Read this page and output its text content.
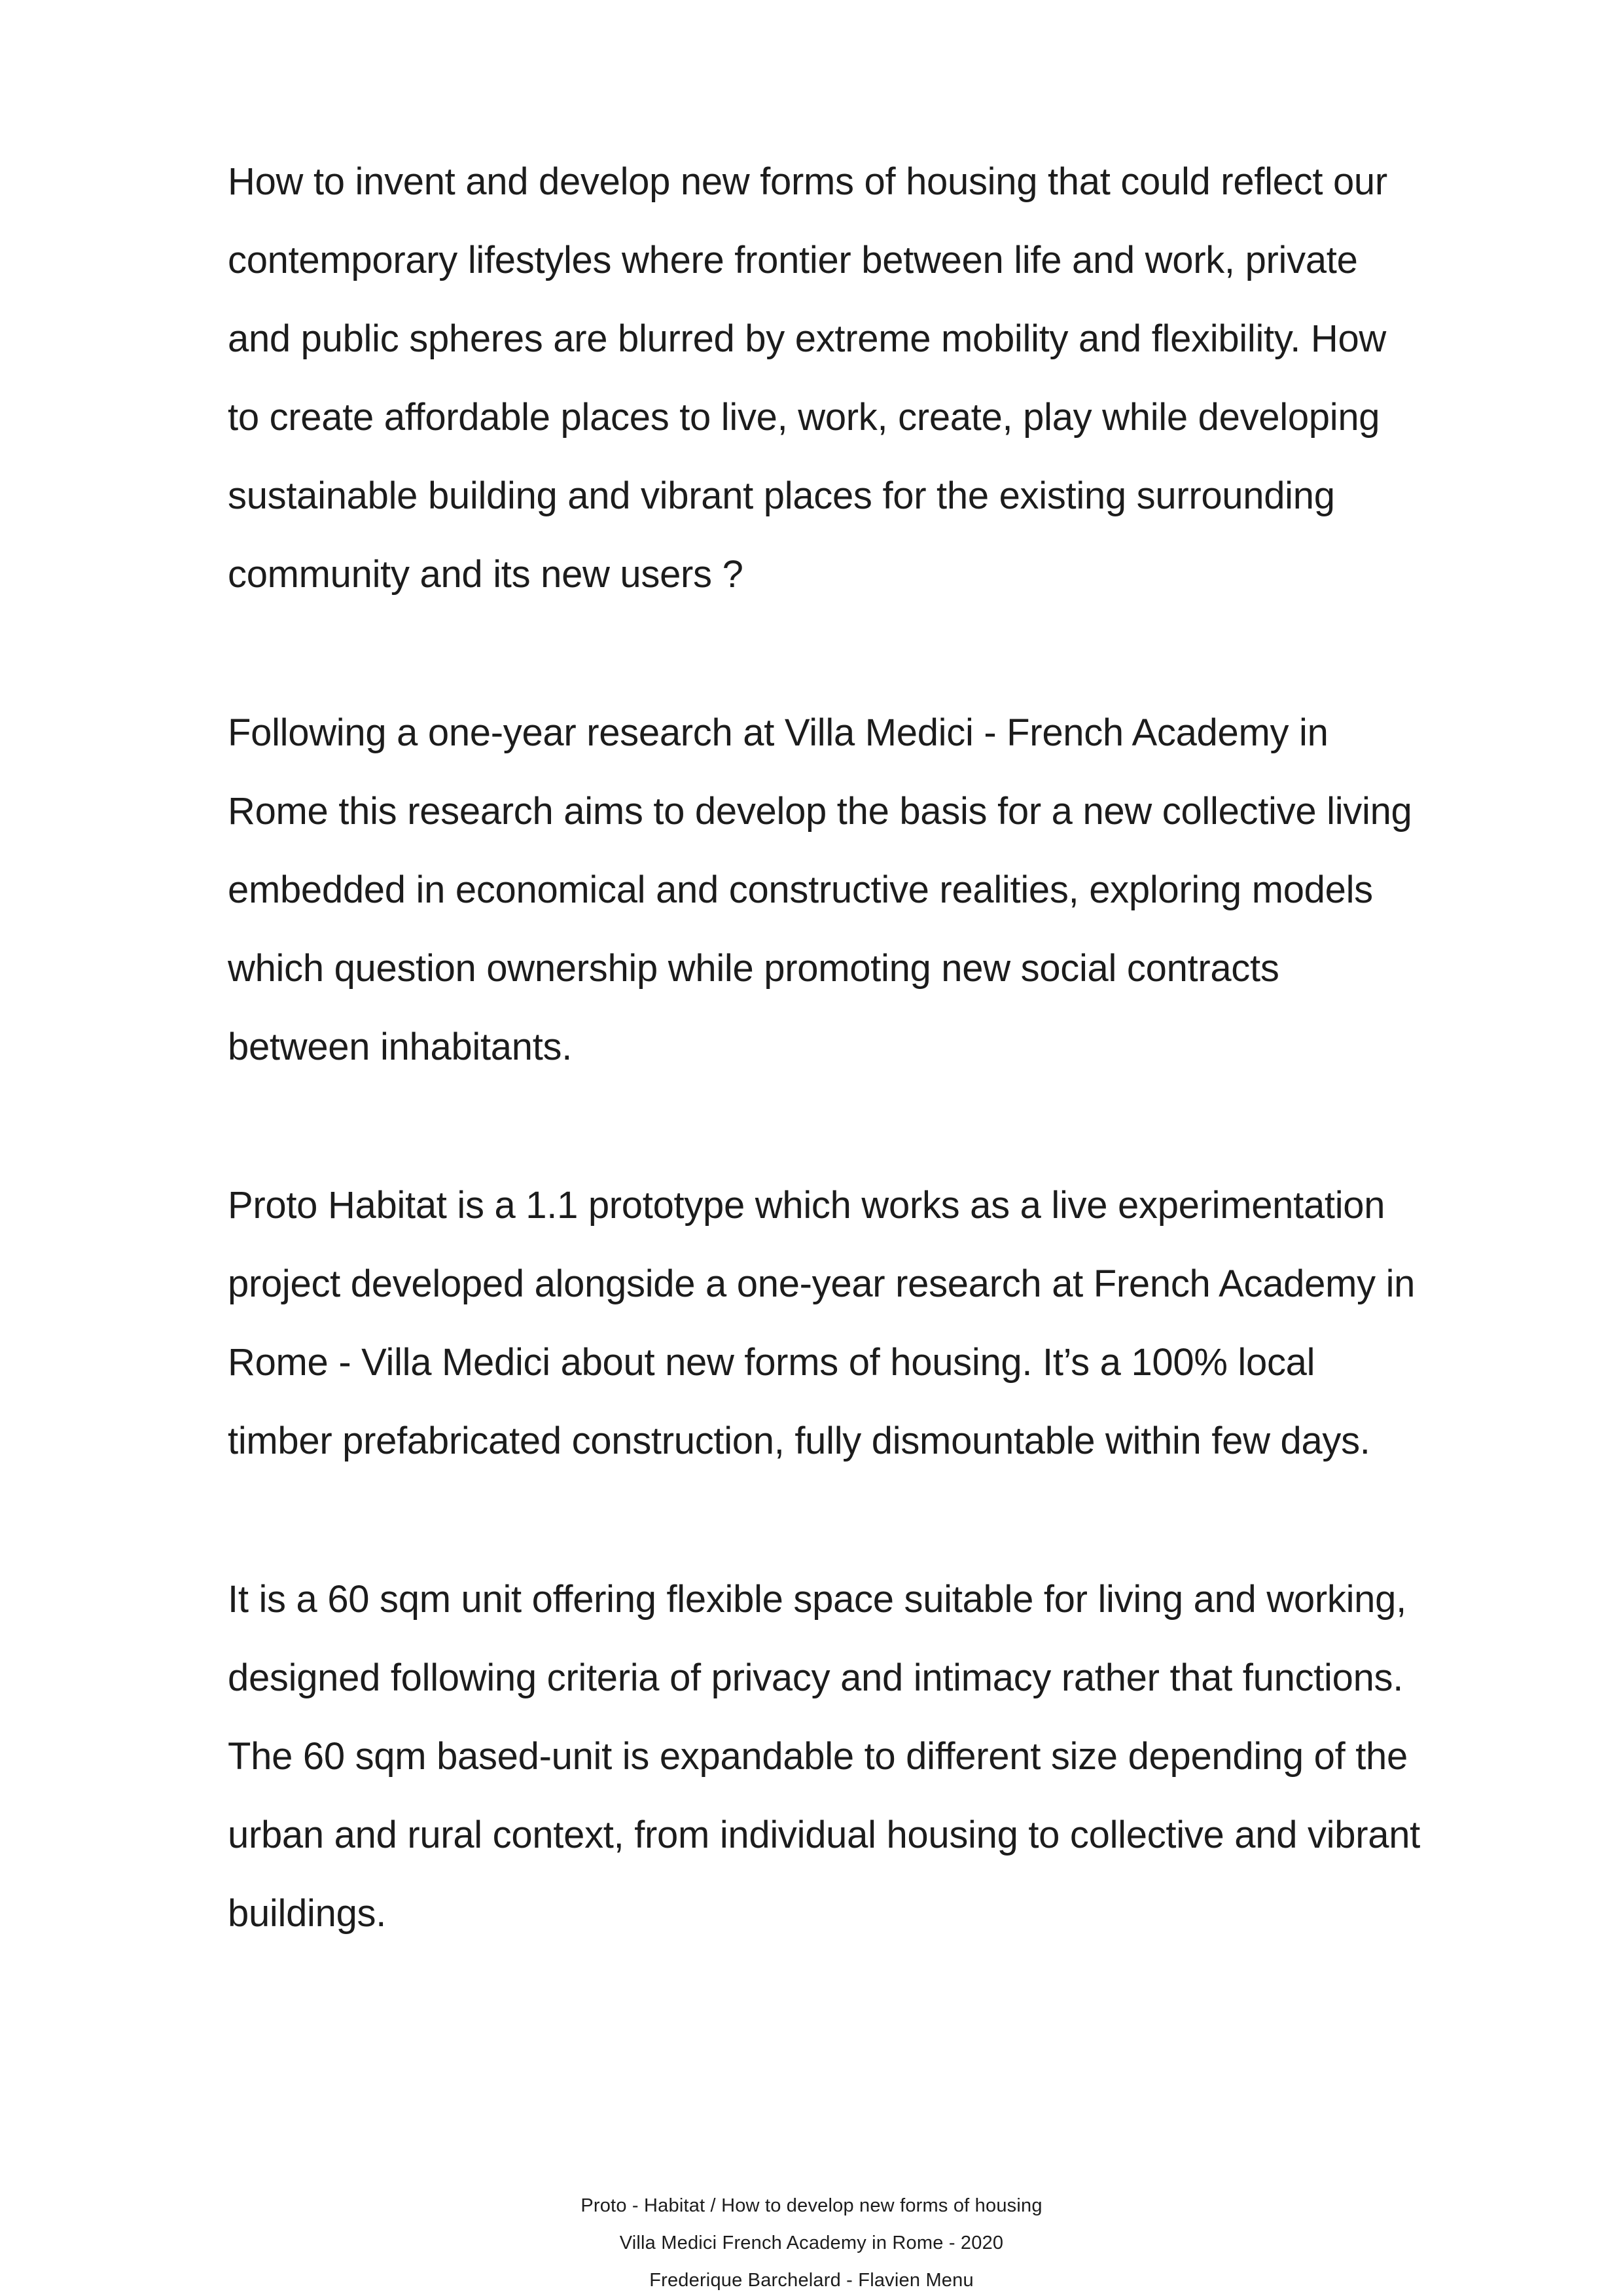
How to invent and develop new forms of housing that could reflect our contemporary lifestyles where frontier between life and work, private and public spheres are blurred by extreme mobility and flexibility. How to create affordable places to live, work, create, play while developing sustainable building and vibrant places for the existing surrounding community and its new users ?

Following a one-year research at Villa Medici - French Academy in Rome this research aims to develop the basis for a new collective living embedded in economical and constructive realities, exploring models which question ownership while promoting new social contracts between inhabitants.

Proto Habitat is a 1.1 prototype which works as a live experimentation project developed alongside a one-year research at French Academy in Rome - Villa Medici about new forms of housing. It’s a 100% local timber prefabricated construction, fully dismountable within few days.

It is a 60 sqm unit offering flexible space suitable for living and working, designed following criteria of privacy and intimacy rather that functions. The 60 sqm based-unit is expandable to different size depending of the urban and rural context, from individual housing to collective and vibrant buildings.

Proto - Habitat / How to develop new forms of housing
Villa Medici French Academy in Rome - 2020
Frederique Barchelard - Flavien Menu
